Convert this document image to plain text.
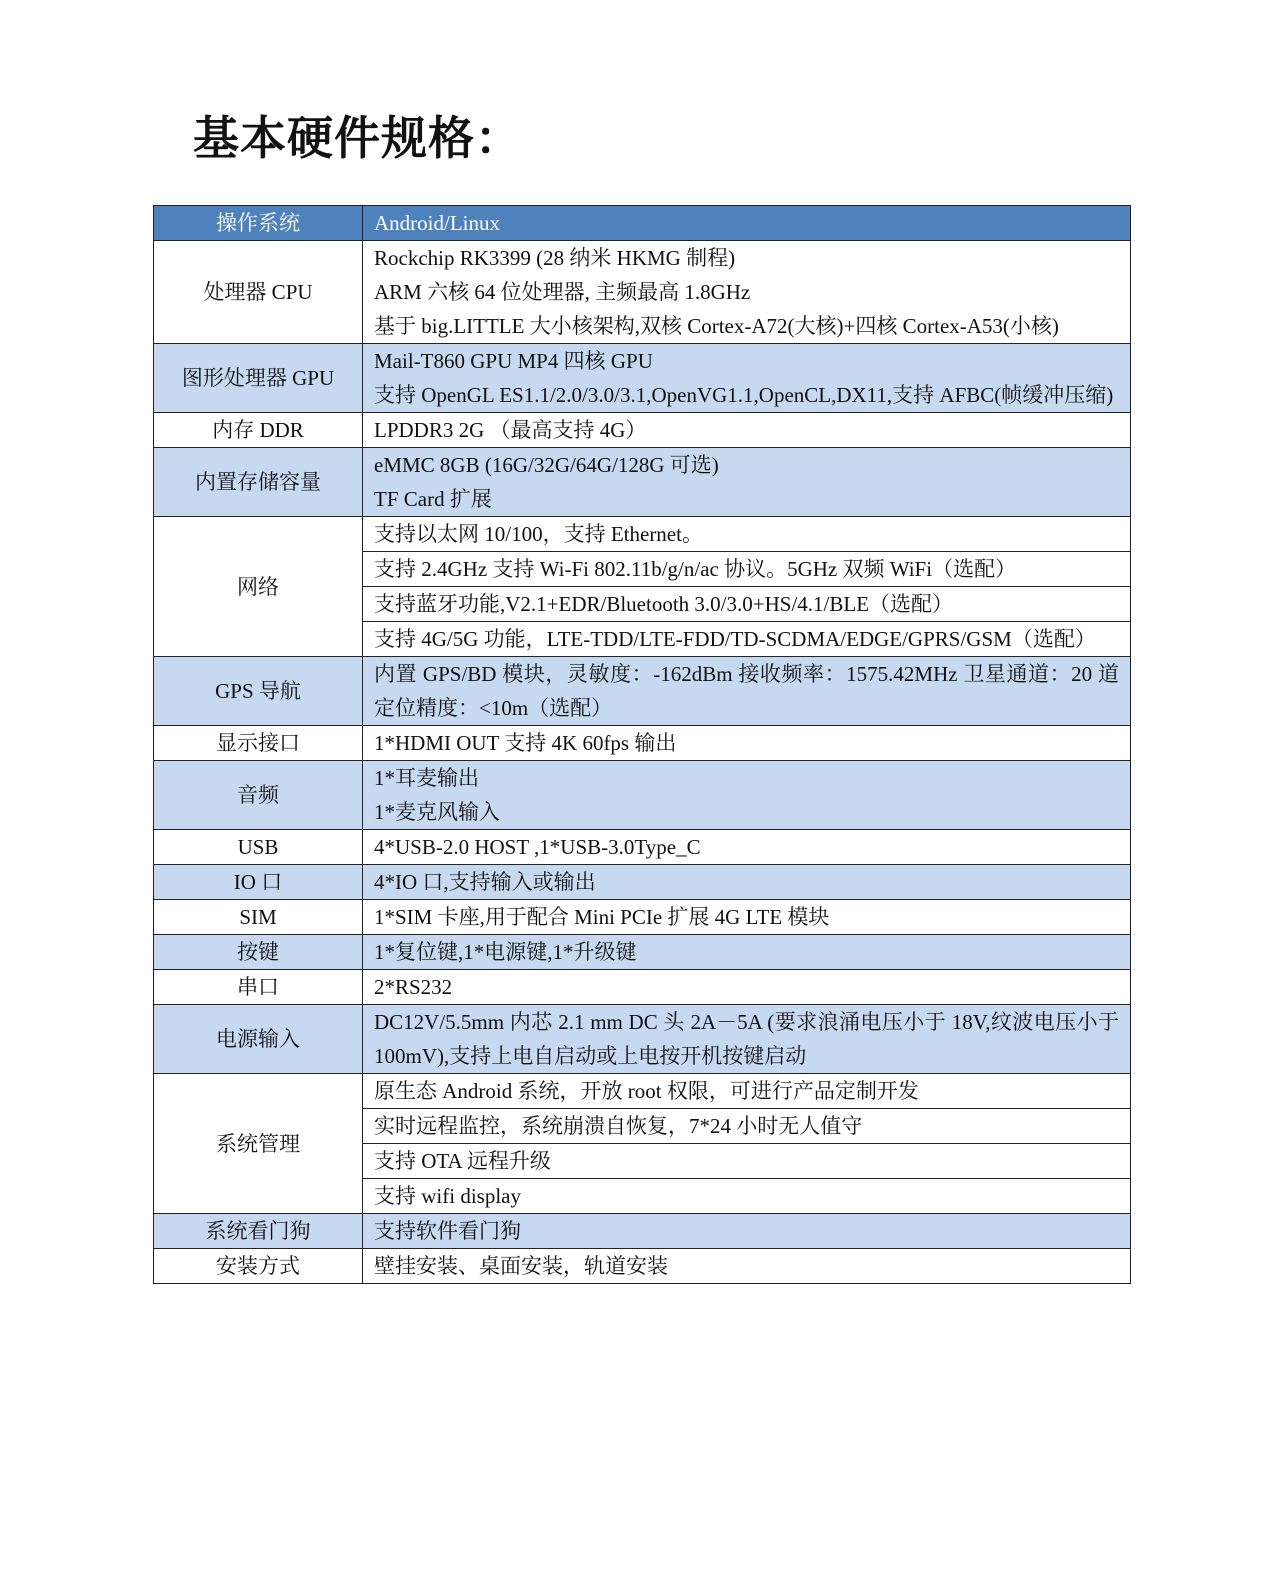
基本硬件规格：
操作系统	Android/Linux
处理器 CPU	Rockchip RK3399 (28 纳米 HKMG 制程)
ARM 六核 64 位处理器, 主频最高 1.8GHz
基于 big.LITTLE 大小核架构,双核 Cortex-A72(大核)+四核 Cortex-A53(小核)

图形处理器 GPU	Mail-T860 GPU MP4 四核 GPU
支持 OpenGL ES1.1/2.0/3.0/3.1,OpenVG1.1,OpenCL,DX11,支持 AFBC(帧缓冲压缩)

内存 DDR	LPDDR3 2G （最高支持 4G）
内置存储容量	eMMC 8GB (16G/32G/64G/128G 可选)
TF Card 扩展

网络	支持以太网 10/100，支持 Ethernet。
	支持 2.4GHz 支持 Wi-Fi 802.11b/g/n/ac 协议。5GHz 双频 WiFi（选配）
	支持蓝牙功能,V2.1+EDR/Bluetooth 3.0/3.0+HS/4.1/BLE（选配）
	支持 4G/5G 功能，LTE-TDD/LTE-FDD/TD-SCDMA/EDGE/GPRS/GSM（选配）
GPS 导航	内置 GPS/BD 模块，灵敏度：-162dBm 接收频率：1575.42MHz 卫星通道：20 道 定位精度：<10m（选配）
显示接口	1*HDMI OUT 支持 4K 60fps 输出
音频	1*耳麦输出
1*麦克风输入

USB	4*USB-2.0 HOST ,1*USB-3.0Type_C
IO 口	4*IO 口,支持输入或输出
SIM	1*SIM 卡座,用于配合 Mini PCIe 扩展 4G LTE 模块
按键	1*复位键,1*电源键,1*升级键
串口	2*RS232
电源输入	DC12V/5.5mm 内芯 2.1 mm DC 头 2A－5A (要求浪涌电压小于 18V,纹波电压小于 100mV),支持上电自启动或上电按开机按键启动
系统管理	原生态 Android 系统，开放 root 权限，可进行产品定制开发
	实时远程监控，系统崩溃自恢复，7*24 小时无人值守
	支持 OTA 远程升级
	支持 wifi display
系统看门狗	支持软件看门狗
安装方式	壁挂安装、桌面安装，轨道安装
